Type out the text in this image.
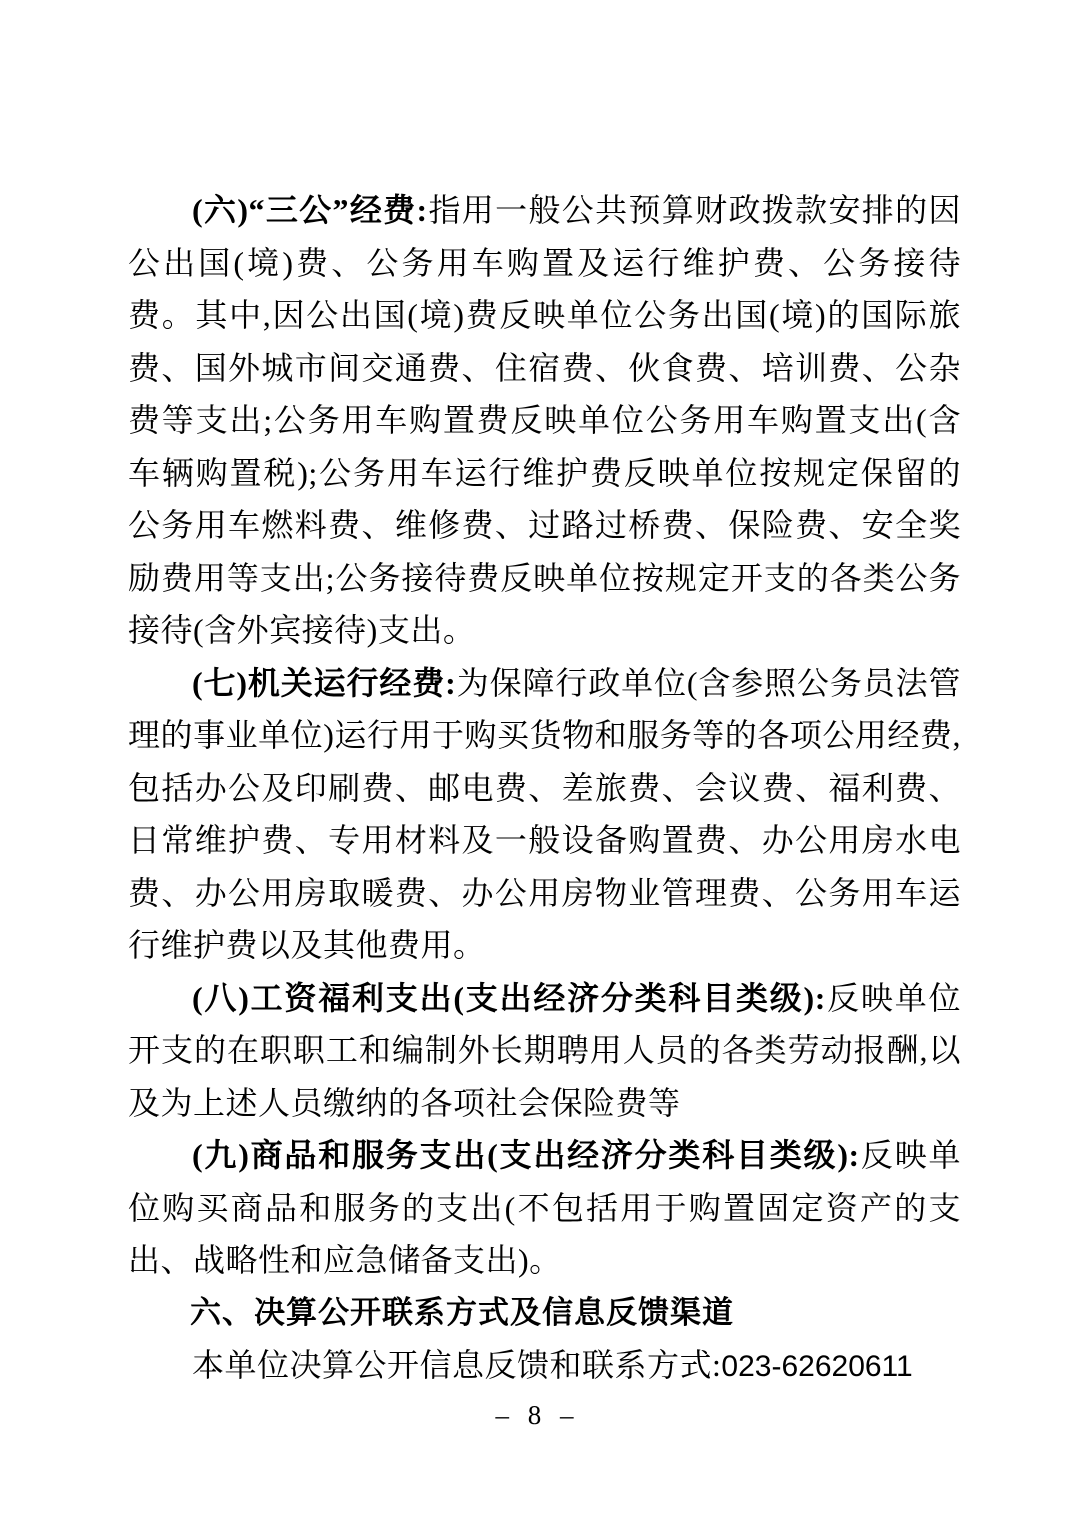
(六)“三公”经费:指用一般公共预算财政拨款安排的因公出国(境)费、公务用车购置及运行维护费、公务接待费。其中,因公出国(境)费反映单位公务出国(境)的国际旅费、国外城市间交通费、住宿费、伙食费、培训费、公杂费等支出;公务用车购置费反映单位公务用车购置支出(含车辆购置税);公务用车运行维护费反映单位按规定保留的公务用车燃料费、维修费、过路过桥费、保险费、安全奖励费用等支出;公务接待费反映单位按规定开支的各类公务接待(含外宾接待)支出。

(七)机关运行经费:为保障行政单位(含参照公务员法管理的事业单位)运行用于购买货物和服务等的各项公用经费,包括办公及印刷费、邮电费、差旅费、会议费、福利费、日常维护费、专用材料及一般设备购置费、办公用房水电费、办公用房取暖费、办公用房物业管理费、公务用车运行维护费以及其他费用。

(八)工资福利支出(支出经济分类科目类级):反映单位开支的在职职工和编制外长期聘用人员的各类劳动报酬,以及为上述人员缴纳的各项社会保险费等

(九)商品和服务支出(支出经济分类科目类级):反映单位购买商品和服务的支出(不包括用于购置固定资产的支出、战略性和应急储备支出)。

六、决算公开联系方式及信息反馈渠道

本单位决算公开信息反馈和联系方式:023-62620611

– 8 –
